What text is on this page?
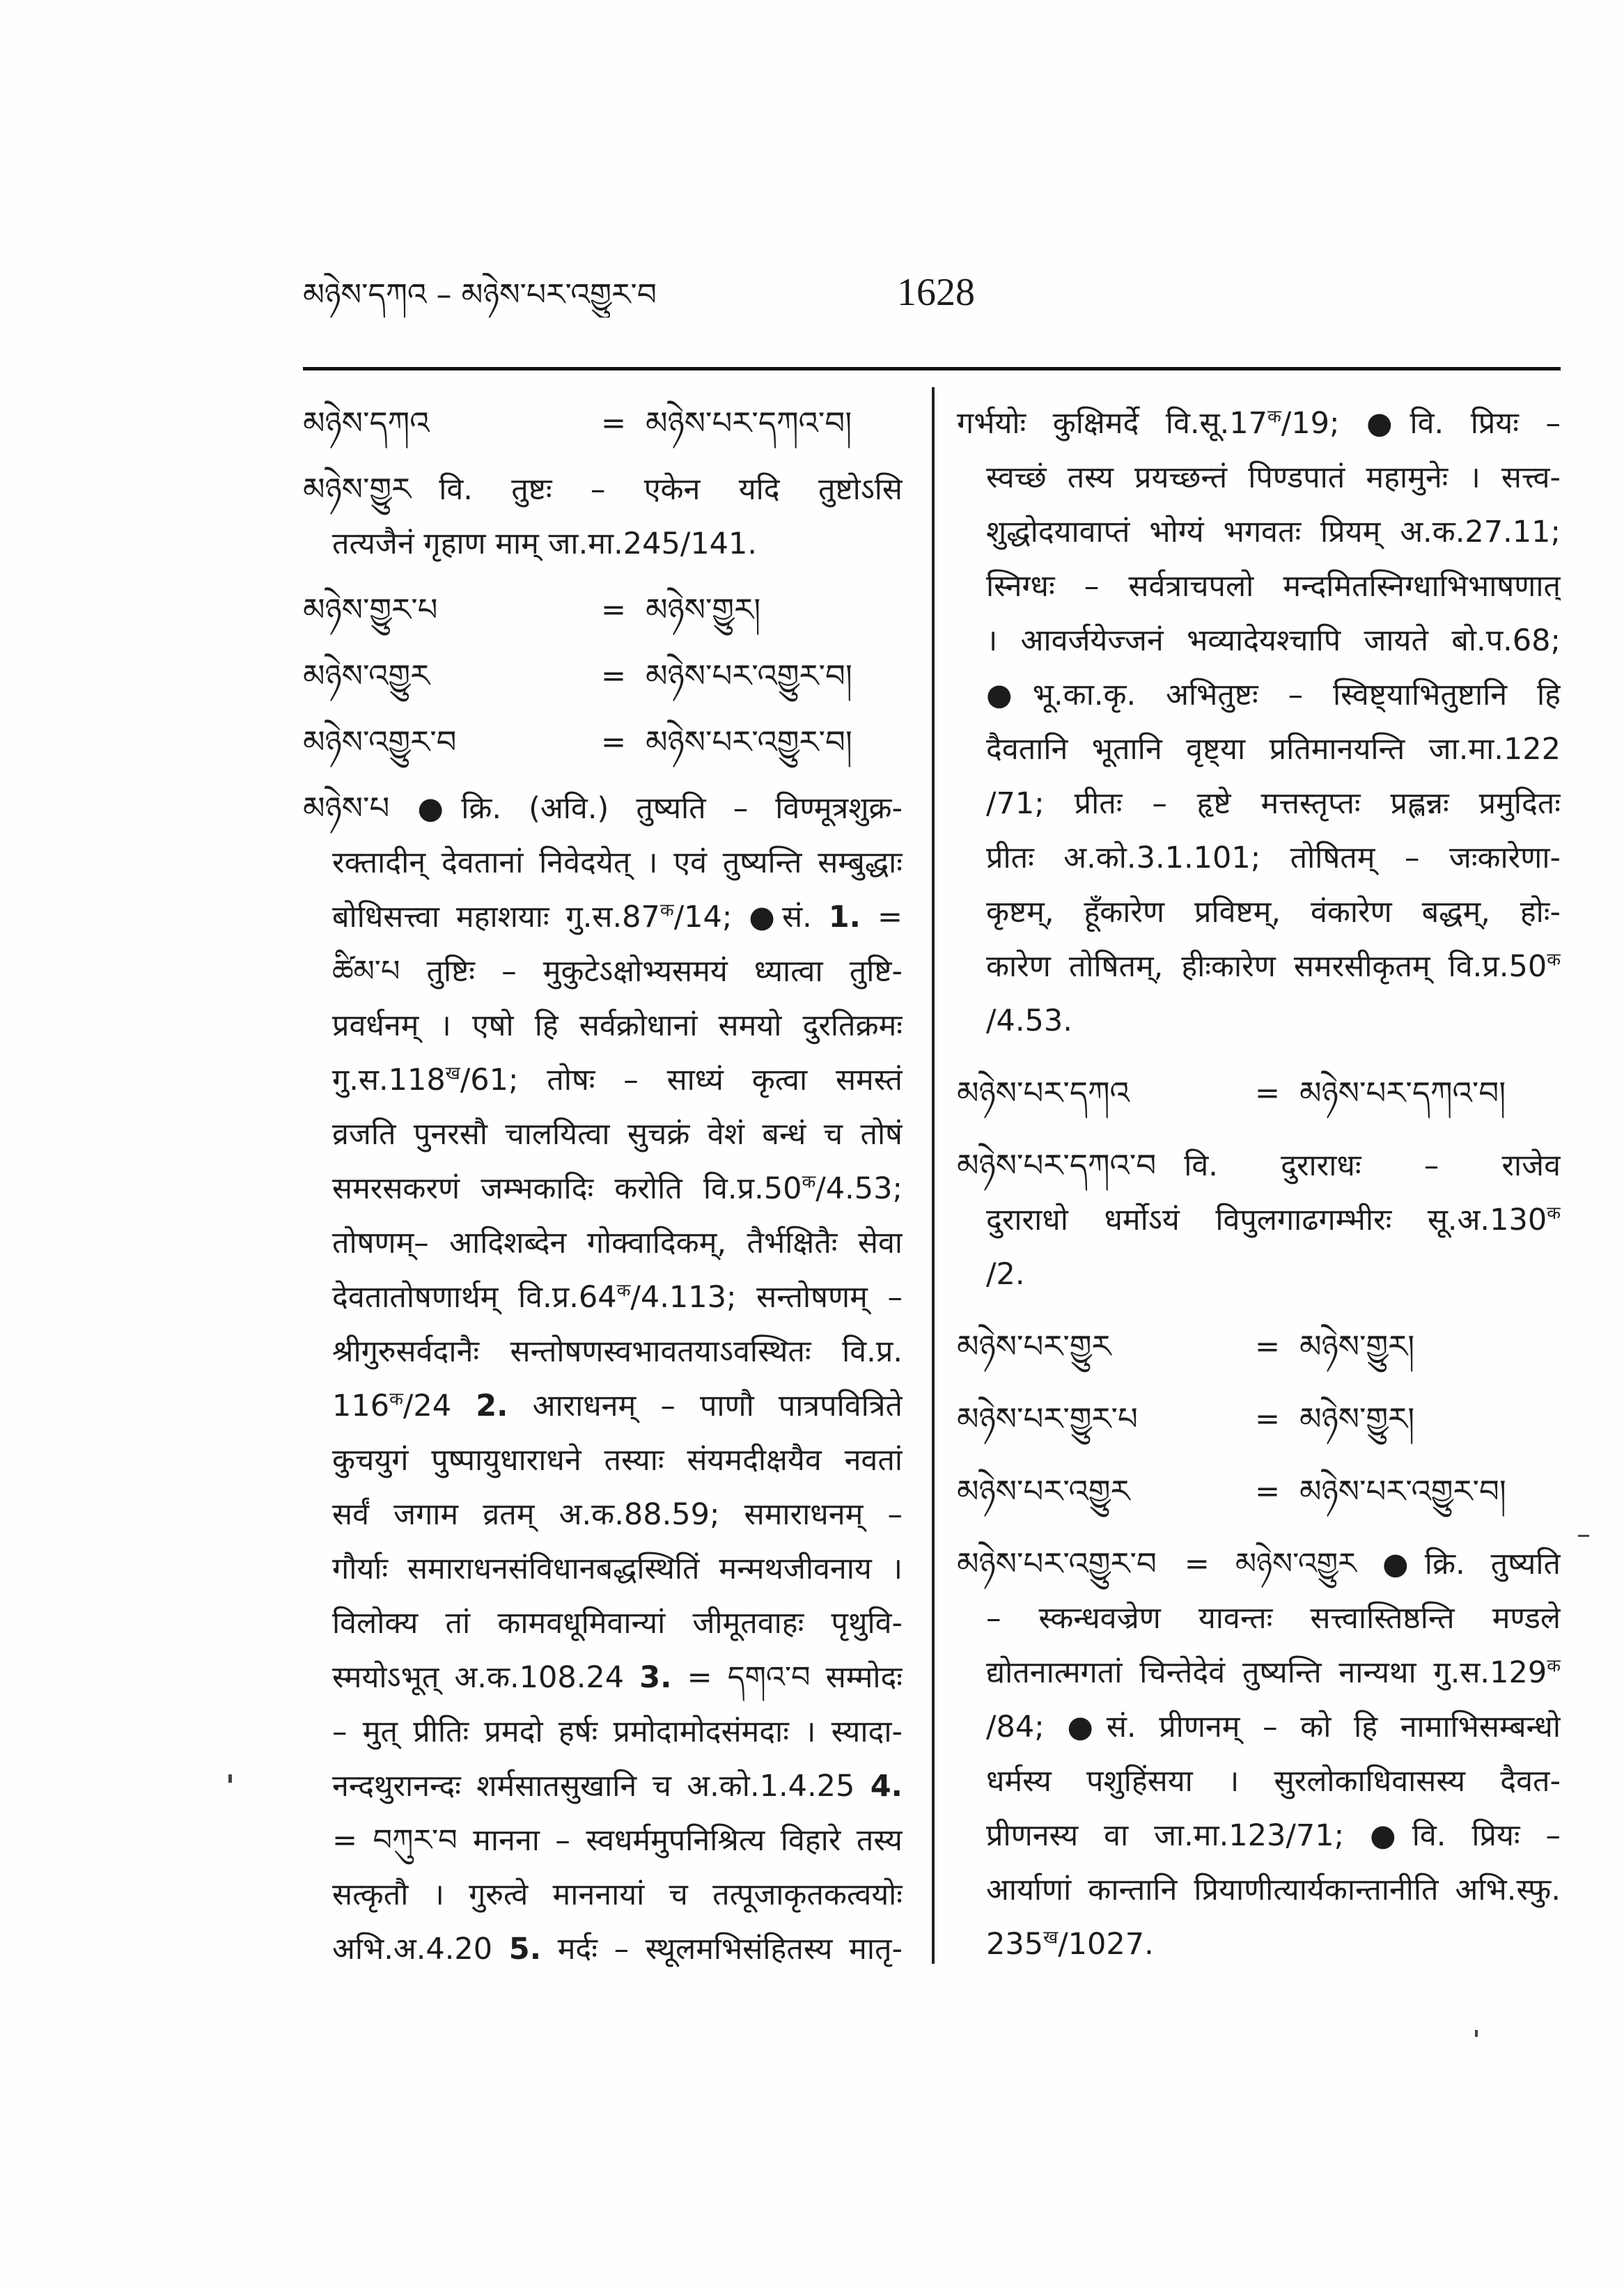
མཉེས་དཀའ – མཉེས་པར་འགྱུར་བ	1628
མཉེས་དཀའ	= མཉེས་པར་དཀའ་བ།
མཉེས་གྱུར वि. तुष्टः – एकेन यदि तुष्टोऽसि
तत्यजैनं गृहाण माम् जा.मा.245/141.
མཉེས་གྱུར་པ	= མཉེས་གྱུར།
མཉེས་འགྱུར	= མཉེས་པར་འགྱུར་བ།
མཉེས་འགྱུར་བ	= མཉེས་པར་འགྱུར་བ།
མཉེས་པ ●क्रि. (अवि.) तुष्यति – विण्मूत्रशुक्र-
रक्तादीन् देवतानां निवेदयेत् । एवं तुष्यन्ति सम्बुद्धाः
बोधिसत्त्वा महाशयाः $गु.स.87^क/14$; ●सं. 1. =
ཚིམ་པ तुष्टिः – मुकुटेऽक्षोभ्यसमयं ध्यात्वा तुष्टि-
प्रवर्धनम् । एषो हि सर्वक्रोधानां समयो दुरतिक्रमः
$गु.स.118^ख/61$; तोषः – साध्यं कृत्वा समस्तं
व्रजति पुनरसौ चालयित्वा सुचक्रं वेशं बन्धं च तोषं
समरसकरणं जम्भकादिः करोति $वि.प्र.50^क/4.53$;
तोषणम्– आदिशब्देन गोक्वादिकम्, तैर्भक्षितैः सेवा
देवतातोषणार्थम् $वि.प्र.64^क/4.113$; सन्तोषणम् –
श्रीगुरुसर्वदानैः सन्तोषणस्वभावतयाऽवस्थितः वि.प्र.
$116^क/24$ 2. आराधनम् – पाणौ पात्रपवित्रिते
कुचयुगं पुष्पायुधाराधने तस्याः संयमदीक्षयैव नवतां
सर्वं जगाम व्रतम् अ.क.88.59; समाराधनम् –
गौर्याः समाराधनसंविधानबद्धस्थितिं मन्मथजीवनाय ।
विलोक्य तां कामवधूमिवान्यां जीमूतवाहः पृथुवि-
स्मयोऽभूत् अ.क.108.24 3. = དགའ་བ सम्मोदः
– मुत् प्रीतिः प्रमदो हर्षः प्रमोदामोदसंमदाः । स्यादा-
नन्दथुरानन्दः शर्मसातसुखानि च अ.को.1.4.25 4.
= བཀུར་བ मानना – स्वधर्ममुपनिश्रित्य विहारे तस्य
सत्कृतौ । गुरुत्वे माननायां च तत्पूजाकृतकत्वयोः
अभि.अ.4.20 5. मर्दः – स्थूलमभिसंहितस्य मातृ-
गर्भयोः कुक्षिमर्दे $वि.सू.17^क/19$; ●वि. प्रियः –
स्वच्छं तस्य प्रयच्छन्तं पिण्डपातं महामुनेः । सत्त्व-
शुद्धोदयावाप्तं भोग्यं भगवतः प्रियम् अ.क.27.11;
स्निग्धः – सर्वत्राचपलो मन्दमितस्निग्धाभिभाषणात्
। आवर्जयेज्जनं भव्यादेयश्चापि जायते बो.प.68;
●भू.का.कृ. अभितुष्टः – स्विष्ट्याभितुष्टानि हि
दैवतानि भूतानि वृष्ट्या प्रतिमानयन्ति जा.मा.122
/71; प्रीतः – हृष्टे मत्तस्तृप्तः प्रह्लन्नः प्रमुदितः
प्रीतः अ.को.3.1.101; तोषितम् – जःकारेणा-
कृष्टम्, हूँकारेण प्रविष्टम्, वंकारेण बद्धम्, होः-
कारेण तोषितम्, हीःकारेण समरसीकृतम् $वि.प्र.50^क$
/4.53.
མཉེས་པར་དཀའ	= མཉེས་པར་དཀའ་བ།
མཉེས་པར་དཀའ་བ वि. दुराराधः – राजेव
दुराराधो धर्मोऽयं विपुलगाढगम्भीरः $सू.अ.130^क$
/2.
མཉེས་པར་གྱུར	= མཉེས་གྱུར།
མཉེས་པར་གྱུར་པ	= མཉེས་གྱུར།
མཉེས་པར་འགྱུར	= མཉེས་པར་འགྱུར་བ།
མཉེས་པར་འགྱུར་བ = མཉེས་འགྱུར ●क्रि. तुष्यति
– स्कन्धवज्रेण यावन्तः सत्त्वास्तिष्ठन्ति मण्डले
द्योतनात्मगतां चिन्तेदेवं तुष्यन्ति नान्यथा $गु.स.129^क$
/84; ●सं. प्रीणनम् – को हि नामाभिसम्बन्धो
धर्मस्य पशुहिंसया । सुरलोकाधिवासस्य दैवत-
प्रीणनस्य वा जा.मा.123/71; ●वि. प्रियः –
आर्याणां कान्तानि प्रियाणीत्यार्यकान्तानीति अभि.स्फु.
$235^ख/1027$.
